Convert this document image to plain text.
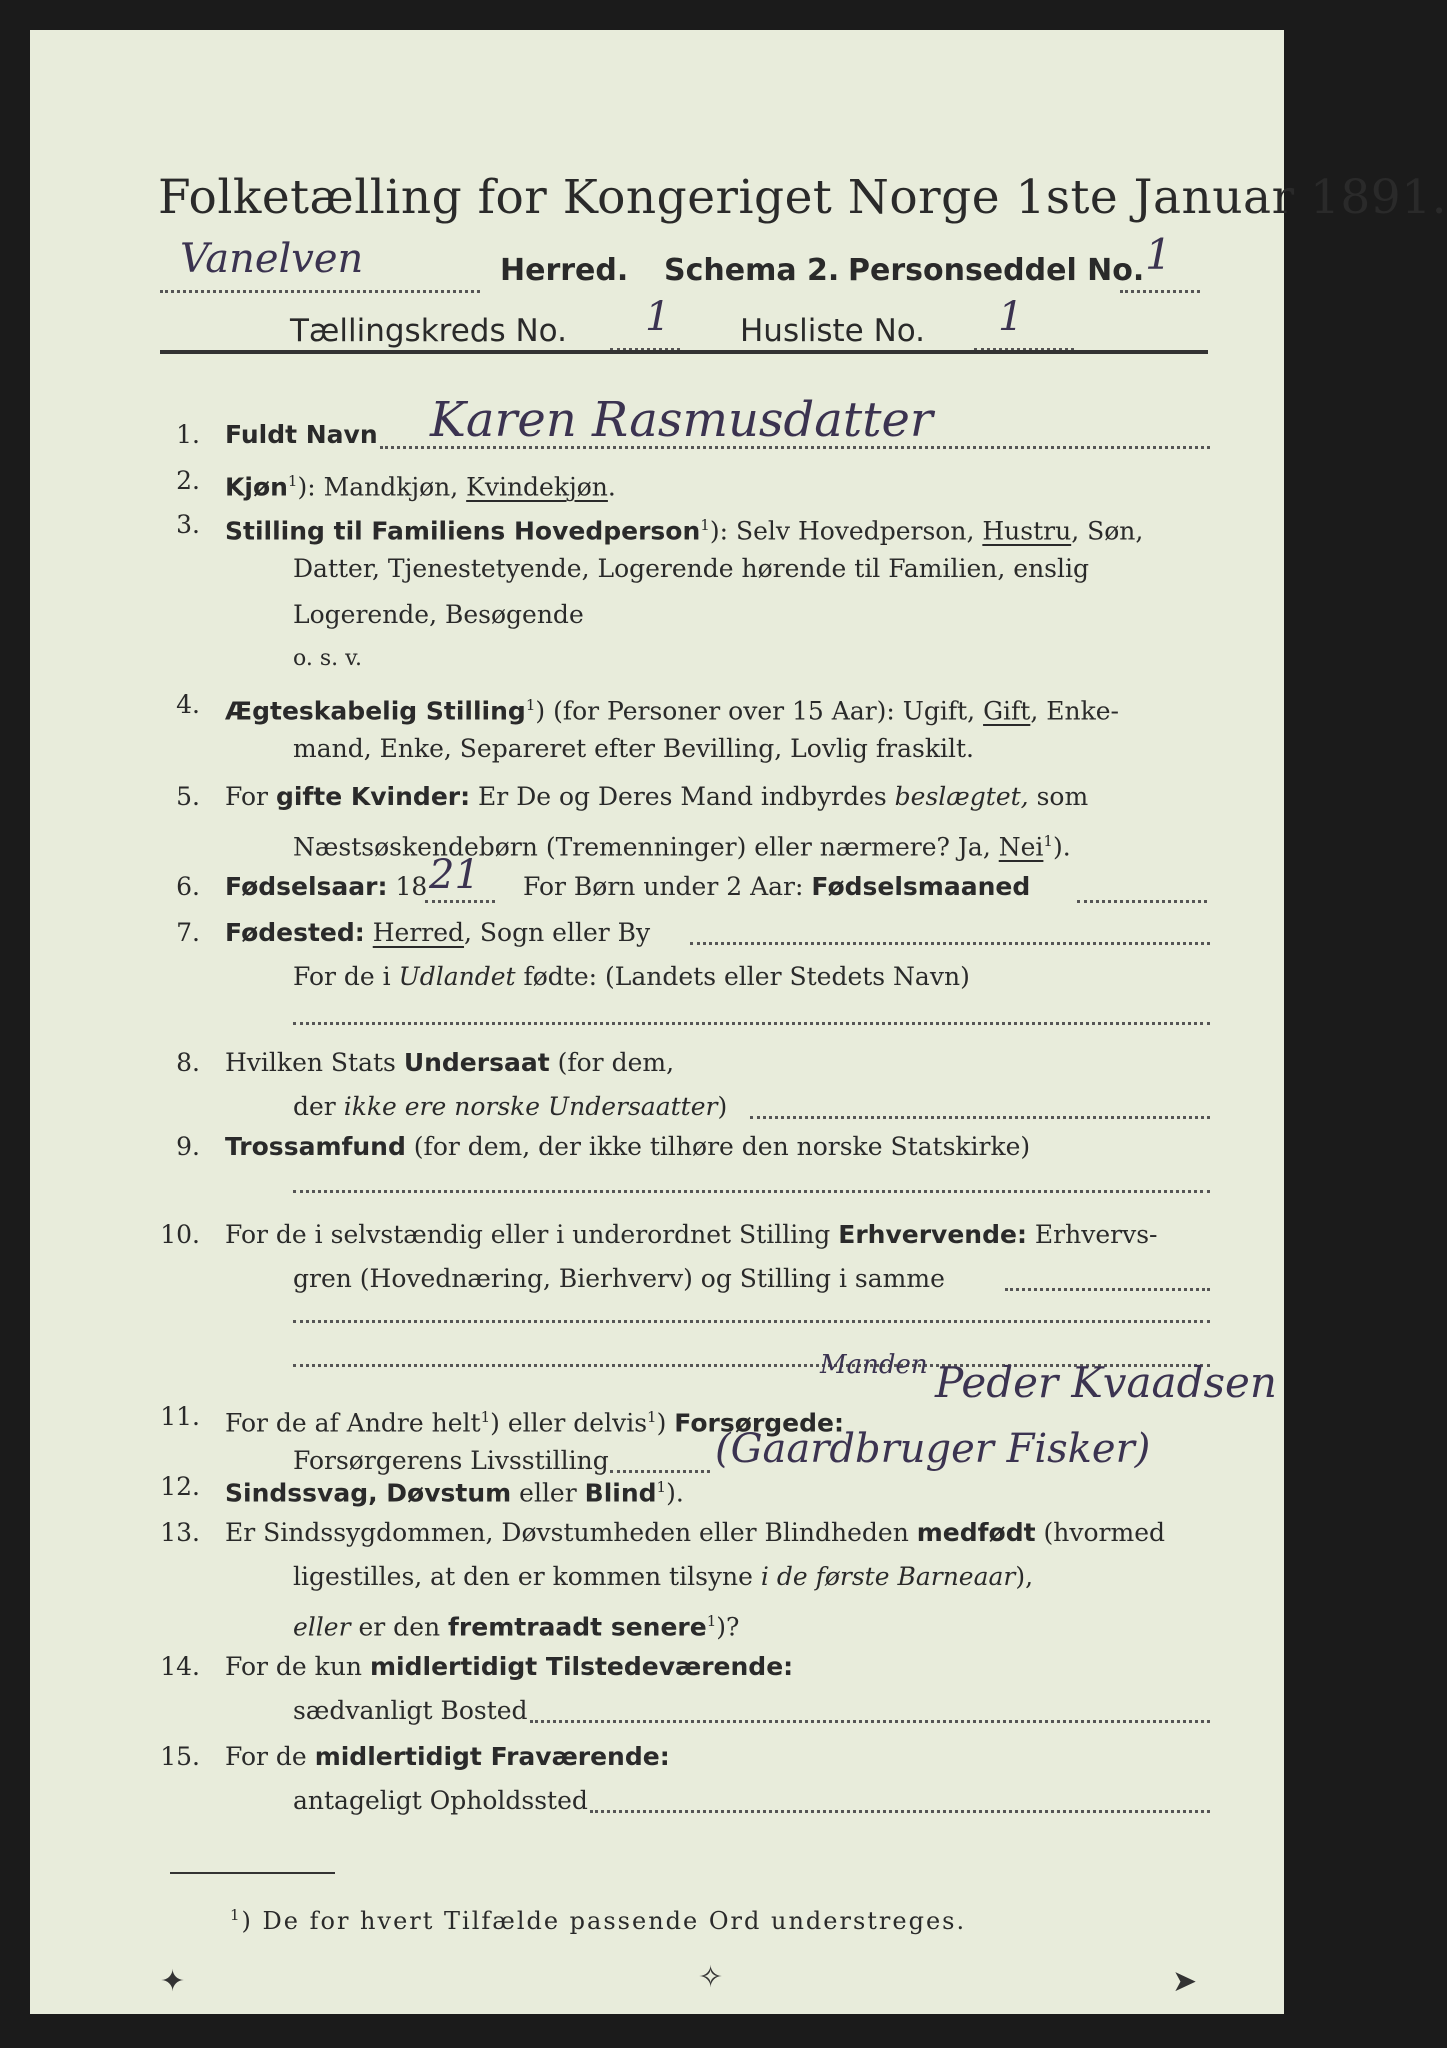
Folketælling for Kongeriget Norge 1ste Januar 1891.
Vanelven	Herred. Schema 2. Personseddel No. 1
Tællingskreds No. 1 Husliste No. 1
1. Fuldt Navn Karen Rasmusdatter
2. Kjøn$^1$): Mandkjøn, Kvindekjøn.
3. Stilling til Familiens Hovedperson$^1$): Selv Hovedperson, Hustru, Søn,
Datter, Tjenestetyende, Logerende hørende til Familien, enslig
Logerende, Besøgende
o. s. v.
4. Ægteskabelig Stilling$^1$) (for Personer over 15 Aar): Ugift, Gift, Enke-
mand, Enke, Separeret efter Bevilling, Lovlig fraskilt.
5. For gifte Kvinder: Er De og Deres Mand indbyrdes beslægtet, som
Næstsøskendebørn (Tremenninger) eller nærmere? Ja, Nei$^1$).
6. Fødselsaar: 18 21 For Børn under 2 Aar: Fødselsmaaned
7. Fødested: Herred, Sogn eller By
For de i Udlandet fødte: (Landets eller Stedets Navn)
8. Hvilken Stats Undersaat (for dem,
der ikke ere norske Undersaatter)
9. Trossamfund (for dem, der ikke tilhøre den norske Statskirke)
10. For de i selvstændig eller i underordnet Stilling Erhvervende: Erhvervs-
gren (Hovednæring, Bierhverv) og Stilling i samme
11. For de af Andre helt$^1$) eller delvis$^1$) Forsørgede:
Manden Peder Kvaadsen
Forsørgerens Livsstilling	(Gaardbruger Fisker)
12. Sindssvag, Døvstum eller Blind$^1$).
13. Er Sindssygdommen, Døvstumheden eller Blindheden medfødt (hvormed
ligestilles, at den er kommen tilsyne i de første Barneaar),
eller er den fremtraadt senere$^1$)?
14. For de kun midlertidigt Tilstedeværende:
sædvanligt Bosted
15. For de midlertidigt Fraværende:
antageligt Opholdssted
$^1$) De for hvert Tilfælde passende Ord understreges.
✦	✧	➤
